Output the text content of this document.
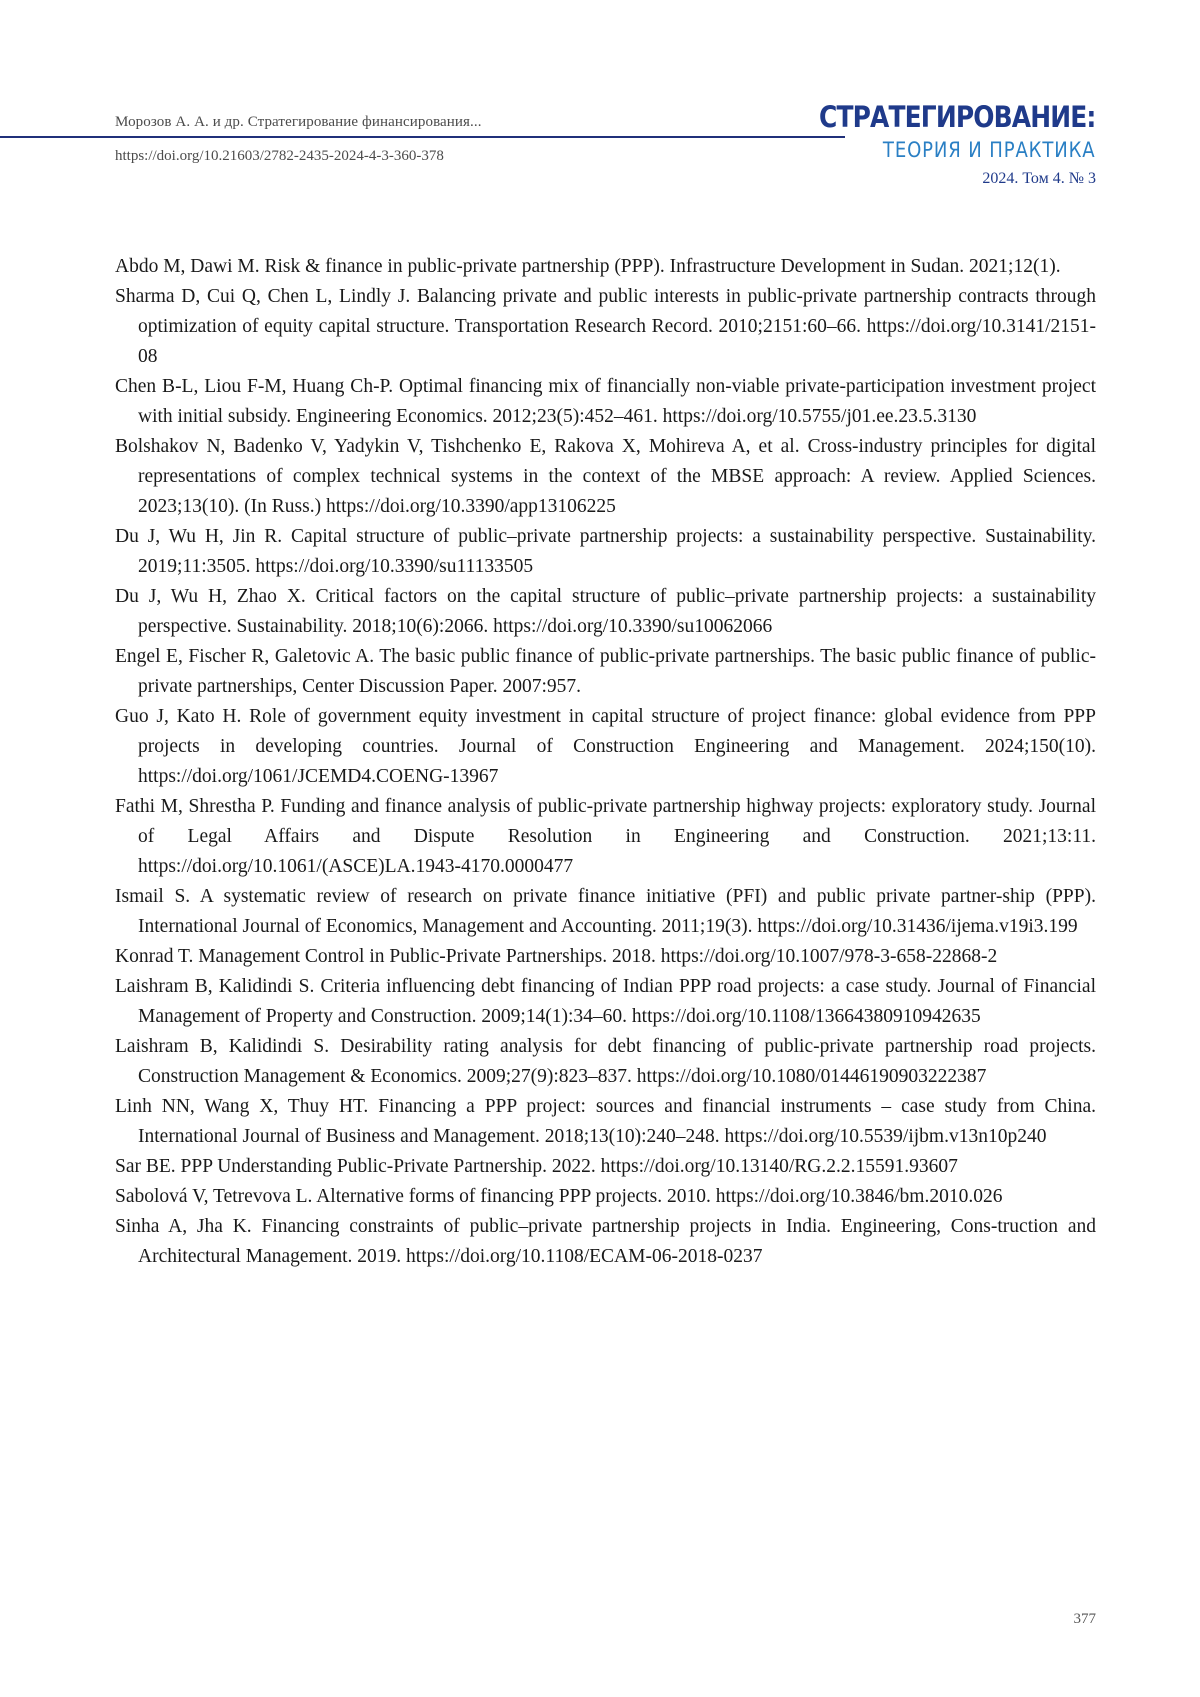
Морозов А. А. и др. Стратегирование финансирования...
https://doi.org/10.21603/2782-2435-2024-4-3-360-378
СТРАТЕГИРОВАНИЕ:
ТЕОРИЯ И ПРАКТИКА
2024. Том 4. № 3

Abdo M, Dawi M. Risk & finance in public-private partnership (PPP). Infrastructure Development in Sudan. 2021;12(1).

Sharma D, Cui Q, Chen L, Lindly J. Balancing private and public interests in public-private partnership contracts through optimization of equity capital structure. Transportation Research Record. 2010;2151:60–66. https://doi.org/10.3141/2151-08

Chen B-L, Liou F-M, Huang Ch-P. Optimal financing mix of financially non-viable private-participation investment project with initial subsidy. Engineering Economics. 2012;23(5):452–461. https://doi.org/10.5755/j01.ee.23.5.3130

Bolshakov N, Badenko V, Yadykin V, Tishchenko E, Rakova X, Mohireva A, et al. Cross-industry principles for digital representations of complex technical systems in the context of the MBSE approach: A review. Applied Sciences. 2023;13(10). (In Russ.) https://doi.org/10.3390/app13106225

Du J, Wu H, Jin R. Capital structure of public–private partnership projects: a sustainability perspective. Sustainability. 2019;11:3505. https://doi.org/10.3390/su11133505

Du J, Wu H, Zhao X. Critical factors on the capital structure of public–private partnership projects: a sustainability perspective. Sustainability. 2018;10(6):2066. https://doi.org/10.3390/su10062066

Engel E, Fischer R, Galetovic A. The basic public finance of public-private partnerships. The basic public finance of public-private partnerships, Center Discussion Paper. 2007:957.

Guo J, Kato H. Role of government equity investment in capital structure of project finance: global evidence from PPP projects in developing countries. Journal of Construction Engineering and Management. 2024;150(10). https://doi.org/1061/JCEMD4.COENG-13967

Fathi M, Shrestha P. Funding and finance analysis of public-private partnership highway projects: exploratory study. Journal of Legal Affairs and Dispute Resolution in Engineering and Construction. 2021;13:11. https://doi.org/10.1061/(ASCE)LA.1943-4170.0000477

Ismail S. A systematic review of research on private finance initiative (PFI) and public private partner-ship (PPP). International Journal of Economics, Management and Accounting. 2011;19(3). https://doi.org/10.31436/ijema.v19i3.199

Konrad T. Management Control in Public-Private Partnerships. 2018. https://doi.org/10.1007/978-3-658-22868-2

Laishram B, Kalidindi S. Criteria influencing debt financing of Indian PPP road projects: a case study. Journal of Financial Management of Property and Construction. 2009;14(1):34–60. https://doi.org/10.1108/13664380910942635

Laishram B, Kalidindi S. Desirability rating analysis for debt financing of public-private partnership road projects. Construction Management & Economics. 2009;27(9):823–837. https://doi.org/10.1080/01446190903222387

Linh NN, Wang X, Thuy HT. Financing a PPP project: sources and financial instruments – case study from China. International Journal of Business and Management. 2018;13(10):240–248. https://doi.org/10.5539/ijbm.v13n10p240

Sar BE. PPP Understanding Public-Private Partnership. 2022. https://doi.org/10.13140/RG.2.2.15591.93607

Sabolová V, Tetrevova L. Alternative forms of financing PPP projects. 2010. https://doi.org/10.3846/bm.2010.026

Sinha A, Jha K. Financing constraints of public–private partnership projects in India. Engineering, Cons-truction and Architectural Management. 2019. https://doi.org/10.1108/ECAM-06-2018-0237

377
